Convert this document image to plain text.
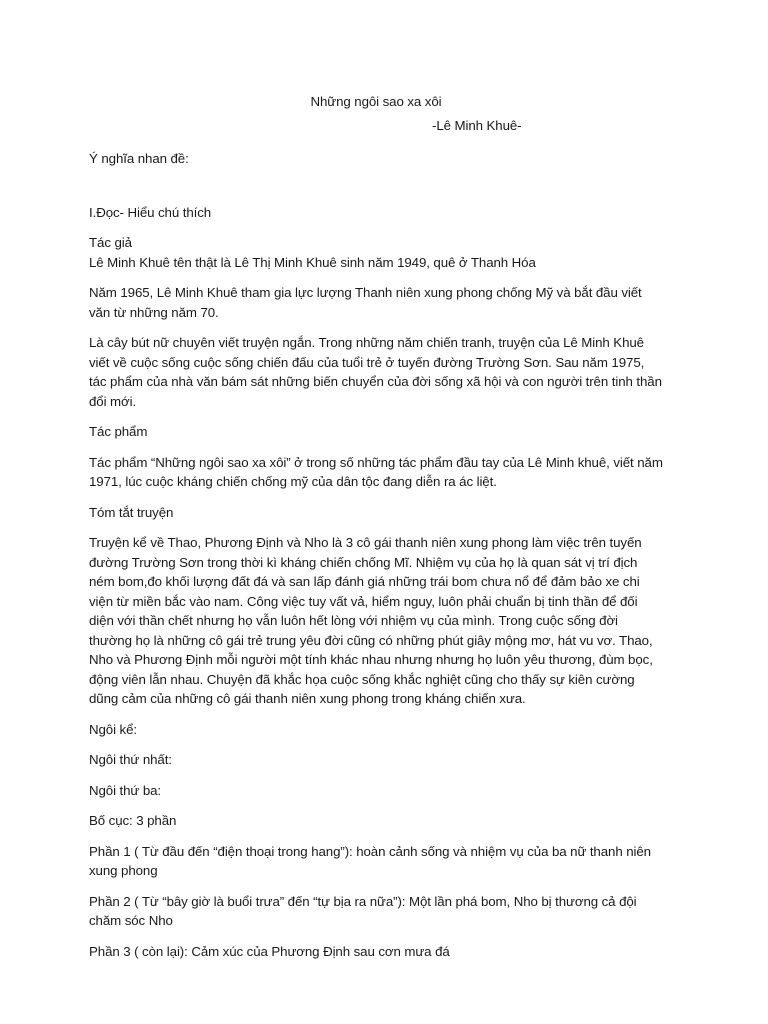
Những ngôi sao xa xôi

-Lê Minh Khuê-

Ý nghĩa nhan đề:

I.Đọc- Hiểu chú thích

Tác giả
Lê Minh Khuê tên thật là Lê Thị Minh Khuê sinh năm 1949, quê ở Thanh Hóa

Năm 1965, Lê Minh Khuê tham gia lực lượng Thanh niên xung phong chống Mỹ và bắt đầu viết văn từ những năm 70.

Là cây bút nữ chuyên viết truyện ngắn. Trong những năm chiến tranh, truyện của Lê Minh Khuê viết về cuộc sống cuộc sống chiến đấu của tuổi trẻ ở tuyến đường Trường Sơn. Sau năm 1975, tác phẩm của nhà văn bám sát những biến chuyển của đời sống xã hội và con người trên tinh thần đổi mới.

Tác phẩm

Tác phẩm “Những ngôi sao xa xôi” ở trong số những tác phẩm đầu tay của Lê Minh khuê, viết năm 1971, lúc cuộc kháng chiến chống mỹ của dân tộc đang diễn ra ác liệt.

Tóm tắt truyện

Truyện kể về Thao, Phương Định và Nho là 3 cô gái thanh niên xung phong làm việc trên tuyến đường Trường Sơn trong thời kì kháng chiến chống Mĩ. Nhiệm vụ của họ là quan sát vị trí địch ném bom,đo khối lượng đất đá và san lấp đánh giá những trái bom chưa nổ để đảm bảo xe chi viện từ miền bắc vào nam. Công việc tuy vất vả, hiểm nguy, luôn phải chuẩn bị tinh thần để đối diện với thần chết nhưng họ vẫn luôn hết lòng với nhiệm vụ của mình. Trong cuộc sống đời thường họ là những cô gái trẻ trung yêu đời cũng có những phút giây mộng mơ, hát vu vơ. Thao, Nho và Phương Định mỗi người một tính khác nhau nhưng nhưng họ luôn yêu thương, đùm bọc, động viên lẫn nhau. Chuyện đã khắc họa cuộc sống khắc nghiệt cũng cho thấy sự kiên cường dũng cảm của những cô gái thanh niên xung phong trong kháng chiến xưa.

Ngôi kể:

Ngôi thứ nhất:

Ngôi thứ ba:

Bố cục: 3 phần

Phần 1 ( Từ đầu đến “điện thoại trong hang”): hoàn cảnh sống và nhiệm vụ của ba nữ thanh niên xung phong

Phần 2 ( Từ “bây giờ là buổi trưa” đến “tự bịa ra nữa”): Một lần phá bom, Nho bị thương cả đội chăm sóc Nho

Phần 3 ( còn lại): Cảm xúc của Phương Định sau cơn mưa đá
